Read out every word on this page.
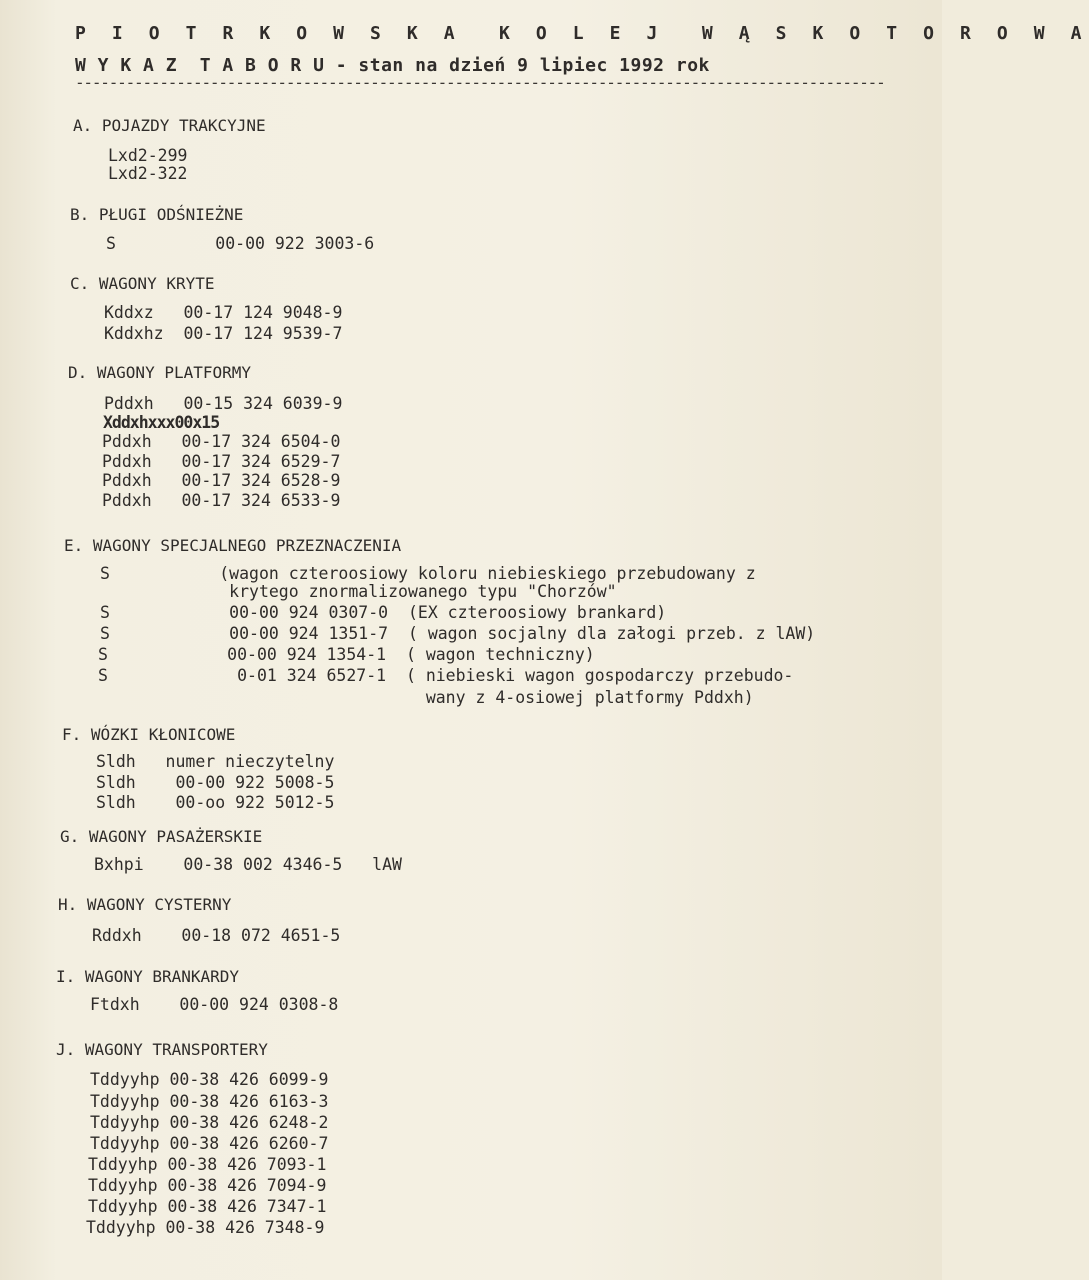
P I O T R K O W S K A  K O L E J  W Ą S K O T O R O W A
W Y K A Z  T A B O R U - stan na dzień 9 lipiec 1992 rok
------------------------------------------------------------------------------------------------
A. POJAZDY TRAKCYJNE
Lxd2-299
Lxd2-322
B. PŁUGI ODŚNIEŻNE
S          00-00 922 3003-6
C. WAGONY KRYTE
Kddxz   00-17 124 9048-9
Kddxhz  00-17 124 9539-7
D. WAGONY PLATFORMY
Pddxh   00-15 324 6039-9
Xddxhxxx00x15
Pddxh   00-17 324 6504-0
Pddxh   00-17 324 6529-7
Pddxh   00-17 324 6528-9
Pddxh   00-17 324 6533-9
E. WAGONY SPECJALNEGO PRZEZNACZENIA
S           (wagon czteroosiowy koloru niebieskiego przebudowany z
krytego znormalizowanego typu "Chorzów"
S            00-00 924 0307-0  (EX czteroosiowy brankard)
S            00-00 924 1351-7  ( wagon socjalny dla załogi przeb. z lAW)
S            00-00 924 1354-1  ( wagon techniczny)
S             0-01 324 6527-1  ( niebieski wagon gospodarczy przebudo-
wany z 4-osiowej platformy Pddxh)
F. WÓZKI KŁONICOWE
Sldh   numer nieczytelny
Sldh    00-00 922 5008-5
Sldh    00-oo 922 5012-5
G. WAGONY PASAŻERSKIE
Bxhpi    00-38 002 4346-5   lAW
H. WAGONY CYSTERNY
Rddxh    00-18 072 4651-5
I. WAGONY BRANKARDY
Ftdxh    00-00 924 0308-8
J. WAGONY TRANSPORTERY
Tddyyhp 00-38 426 6099-9
Tddyyhp 00-38 426 6163-3
Tddyyhp 00-38 426 6248-2
Tddyyhp 00-38 426 6260-7
Tddyyhp 00-38 426 7093-1
Tddyyhp 00-38 426 7094-9
Tddyyhp 00-38 426 7347-1
Tddyyhp 00-38 426 7348-9
